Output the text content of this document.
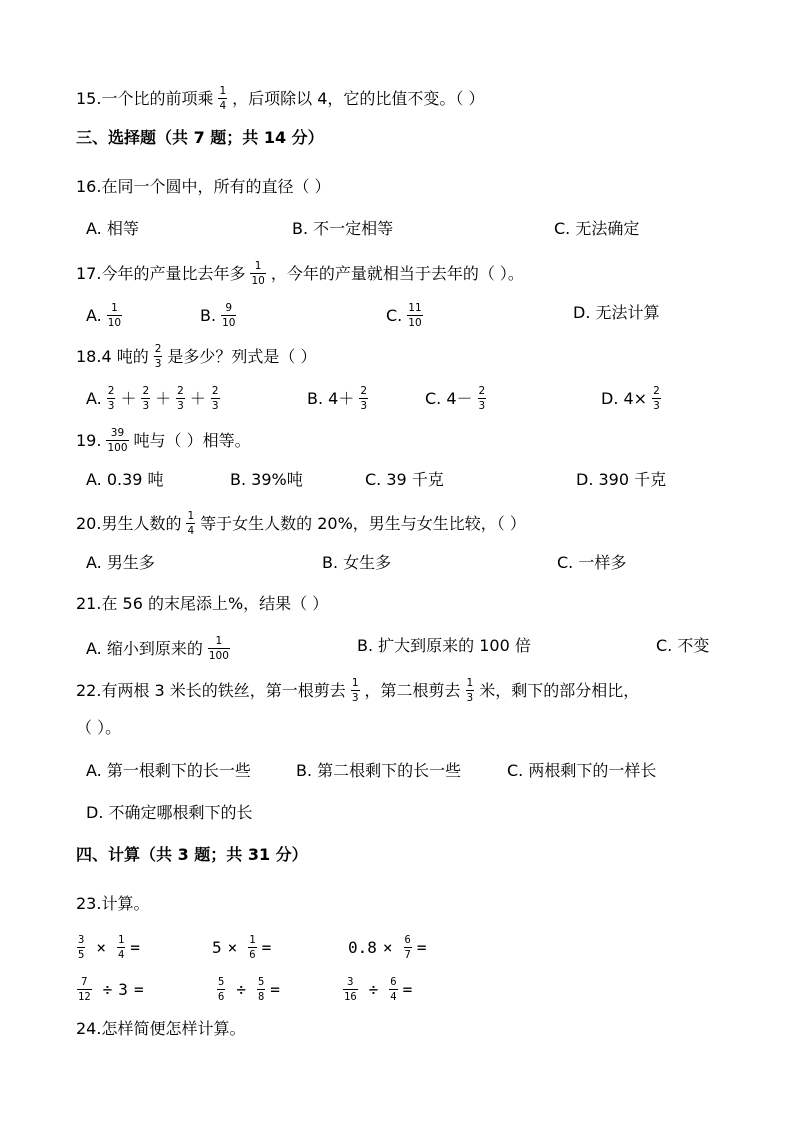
15.一个比的前项乘 $\frac{1}{4}$ ，后项除以 4，它的比值不变。（ ）
三、选择题（共 7 题；共 14 分）
16.在同一个圆中，所有的直径（ ）
A. 相等	B. 不一定相等	C. 无法确定
17.今年的产量比去年多 $\frac{1}{10}$ ，今年的产量就相当于去年的（ ）。
A. $\frac{1}{10}$	B. $\frac{9}{10}$	C. $\frac{11}{10}$	D. 无法计算
18.4 吨的 $\frac{2}{3}$ 是多少？列式是（ ）
A. $\frac{2}{3} + \frac{2}{3} + \frac{2}{3} + \frac{2}{3}$	B. $4+ \frac{2}{3}$	C. $4- \frac{2}{3}$	D. $4\times \frac{2}{3}$
19. $\frac{39}{100}$ 吨与（ ）相等。
A. 0.39 吨	B. 39%吨	C. 39 千克	D. 390 千克
20.男生人数的 $\frac{1}{4}$ 等于女生人数的 20%，男生与女生比较，（ ）
A. 男生多	B. 女生多	C. 一样多
21.在 56 的末尾添上%，结果（ ）
A. 缩小到原来的 $\frac{1}{100}$	B. 扩大到原来的 100 倍	C. 不变
22.有两根 3 米长的铁丝，第一根剪去 $\frac{1}{3}$ ，第二根剪去 $\frac{1}{3}$ 米，剩下的部分相比，
（ ）。
A. 第一根剩下的长一些	B. 第二根剩下的长一些	C. 两根剩下的一样长
D. 不确定哪根剩下的长
四、计算（共 3 题；共 31 分）
23.计算。
$\frac{3}{5} \times \frac{1}{4}$ =	$5 \times \frac{1}{6}$ =	$0.8 \times \frac{6}{7}$ =
$\frac{7}{12} \div 3$ =	$\frac{5}{6} \div \frac{5}{8}$ =	$\frac{3}{16} \div \frac{6}{4}$ =
24.怎样简便怎样计算。
